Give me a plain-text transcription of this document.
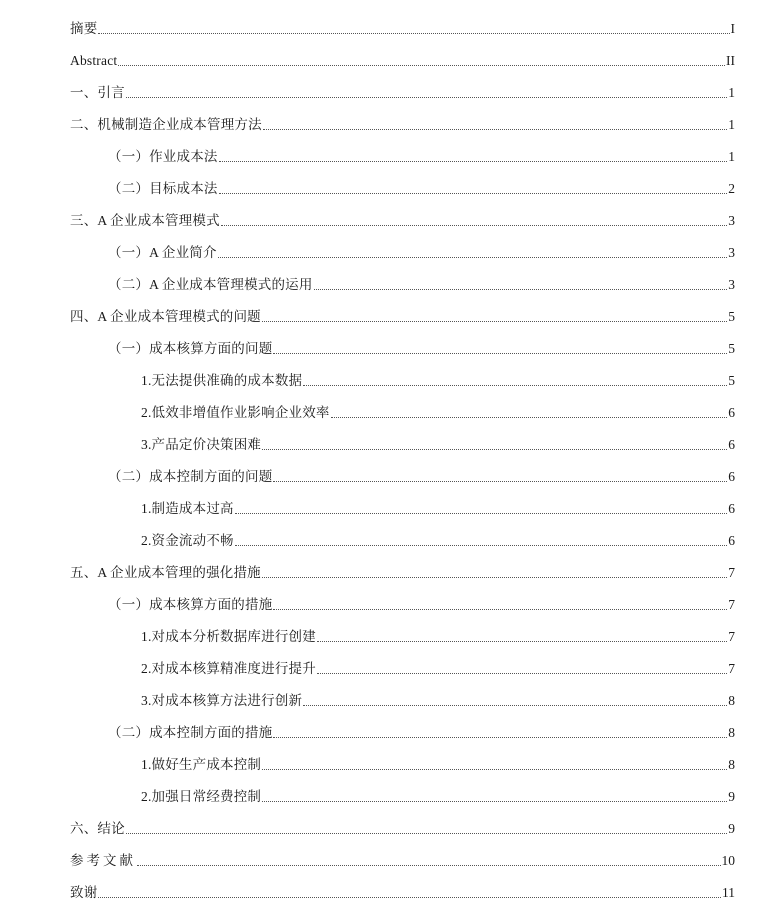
摘要	I
Abstract	II
一、引言	1
二、机械制造企业成本管理方法	1
（一）作业成本法	1
（二）目标成本法	2
三、A 企业成本管理模式	3
（一）A 企业简介	3
（二）A 企业成本管理模式的运用	3
四、A 企业成本管理模式的问题	5
（一）成本核算方面的问题	5
1.无法提供准确的成本数据	5
2.低效非增值作业影响企业效率	6
3.产品定价决策困难	6
（二）成本控制方面的问题	6
1.制造成本过高	6
2.资金流动不畅	6
五、A 企业成本管理的强化措施	7
（一）成本核算方面的措施	7
1.对成本分析数据库进行创建	7
2.对成本核算精准度进行提升	7
3.对成本核算方法进行创新	8
（二）成本控制方面的措施	8
1.做好生产成本控制	8
2.加强日常经费控制	9
六、结论	9
参考文献	10
致谢	11
